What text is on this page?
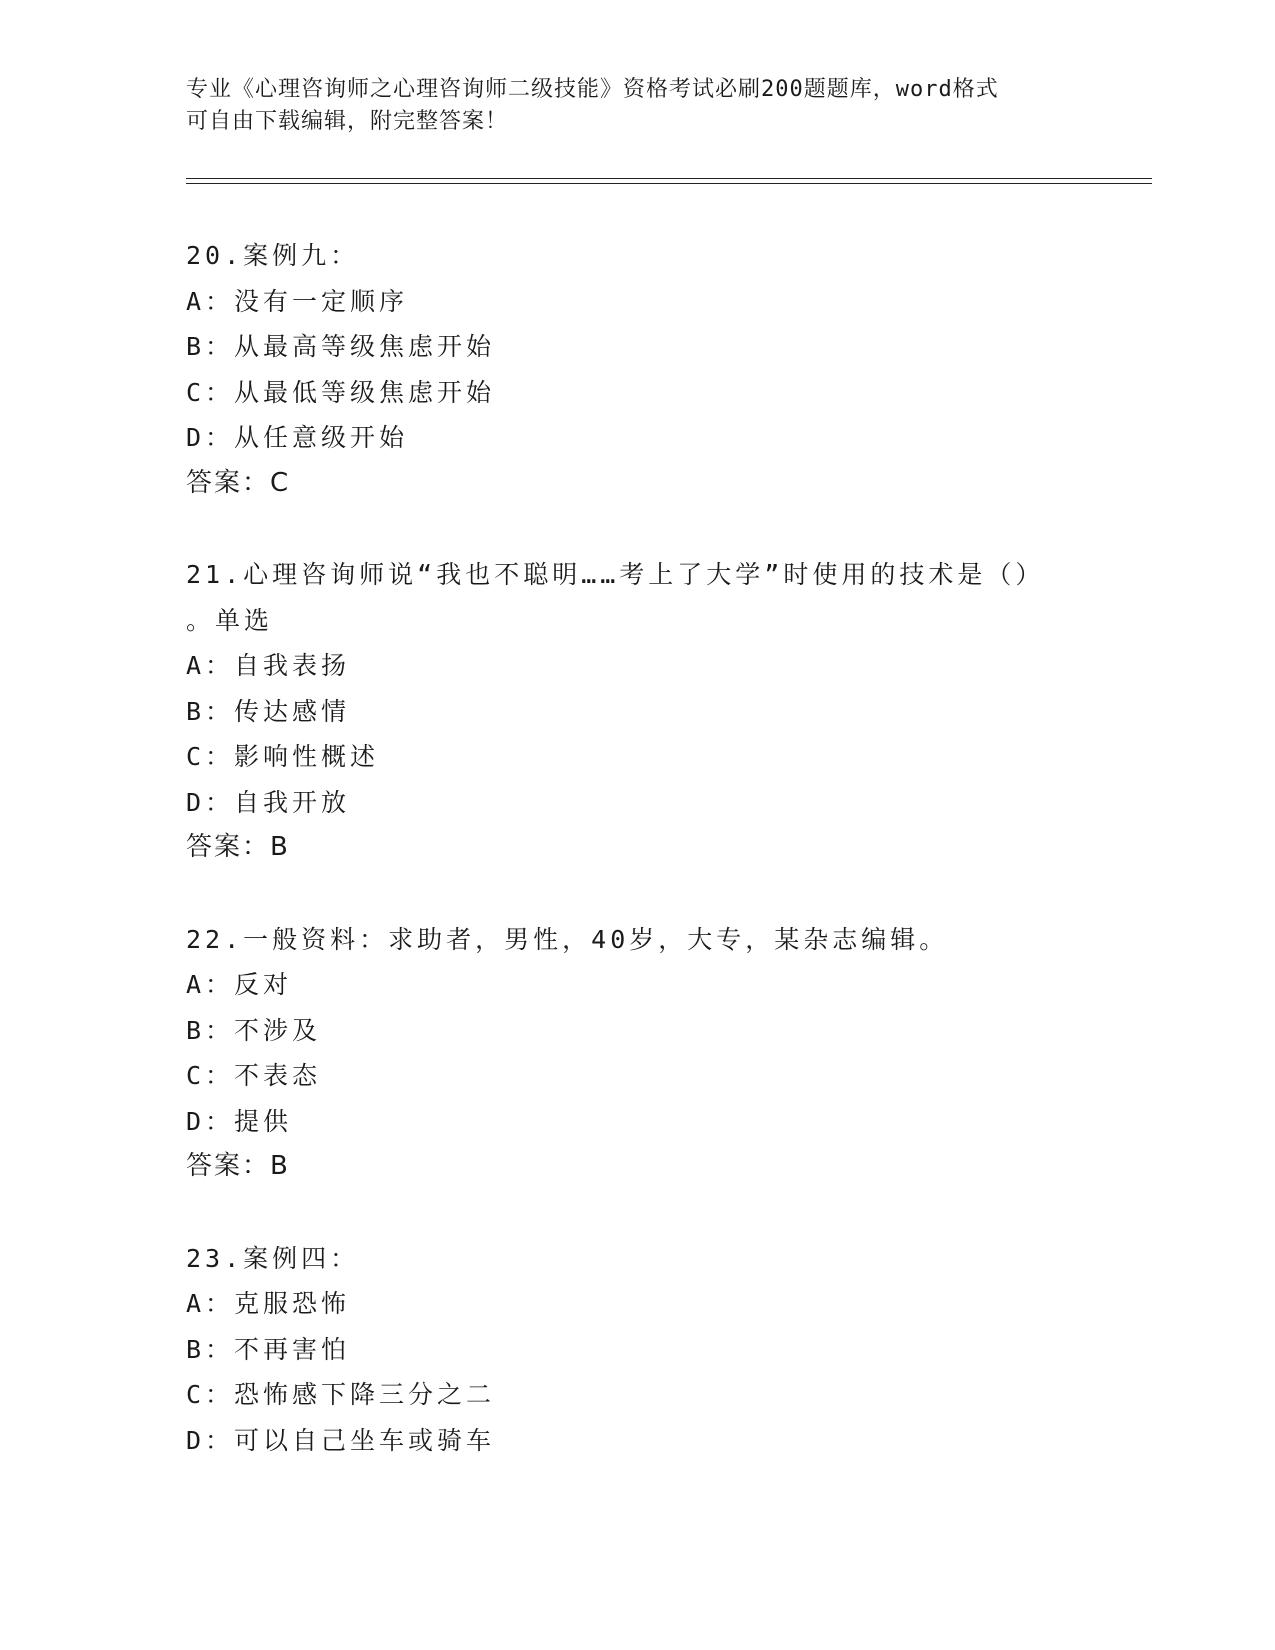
专业《心理咨询师之心理咨询师二级技能》资格考试必刷200题题库，word格式
可自由下载编辑，附完整答案！
20.案例九：
A：没有一定顺序
B：从最高等级焦虑开始
C：从最低等级焦虑开始
D：从任意级开始
答案：C
21.心理咨询师说“我也不聪明……考上了大学”时使用的技术是（）
。单选
A：自我表扬
B：传达感情
C：影响性概述
D：自我开放
答案：B
22.一般资料：求助者，男性，40岁，大专，某杂志编辑。
A：反对
B：不涉及
C：不表态
D：提供
答案：B
23.案例四：
A：克服恐怖
B：不再害怕
C：恐怖感下降三分之二
D：可以自己坐车或骑车
